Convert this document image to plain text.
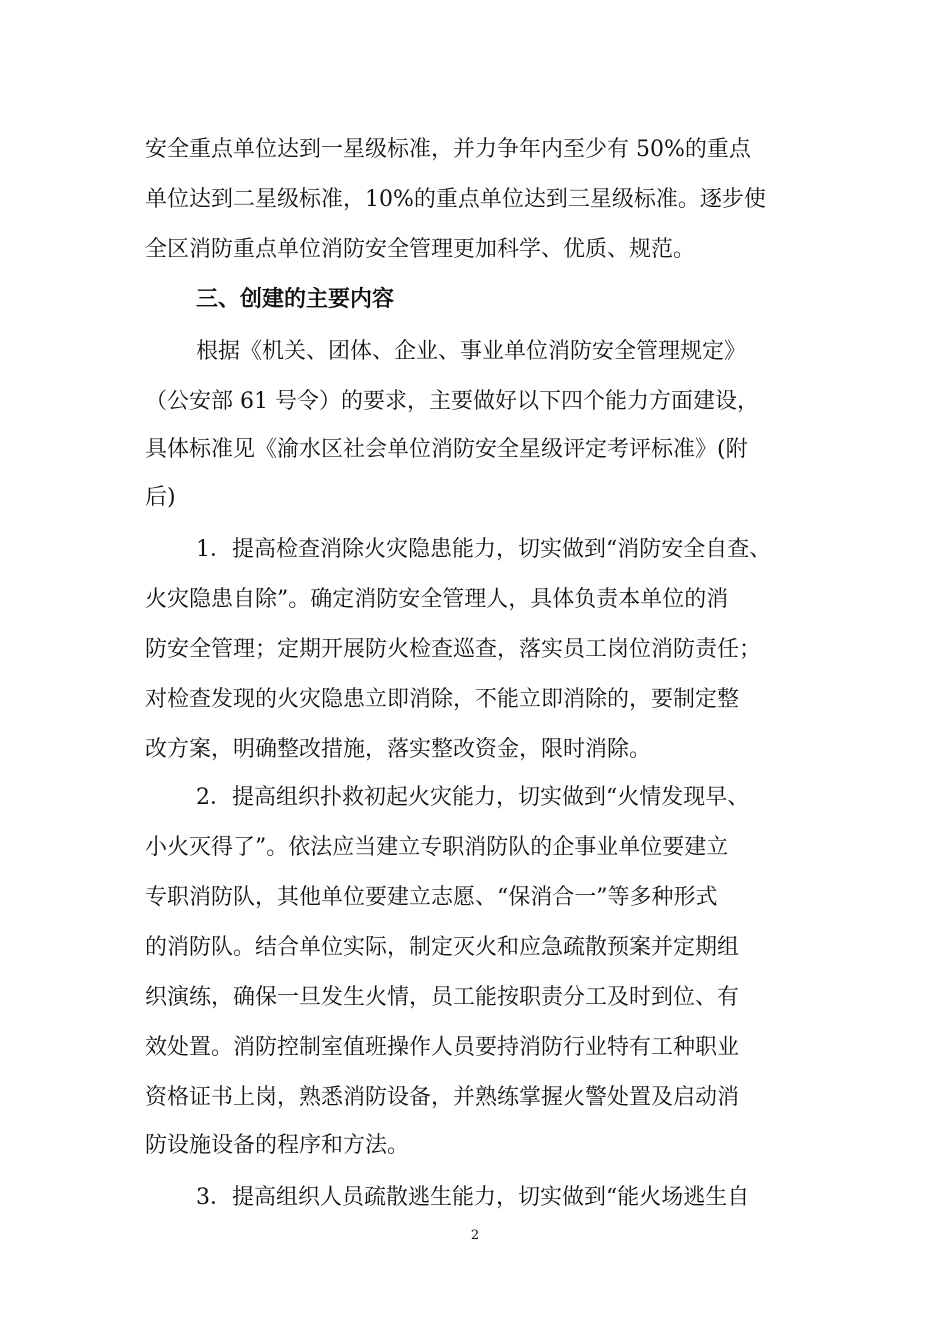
安全重点单位达到一星级标准，并力争年内至少有 50%的重点
单位达到二星级标准，10%的重点单位达到三星级标准。逐步使
全区消防重点单位消防安全管理更加科学、优质、规范。
三、创建的主要内容
根据《机关、团体、企业、事业单位消防安全管理规定》
（公安部 61 号令）的要求，主要做好以下四个能力方面建设，
具体标准见《渝水区社会单位消防安全星级评定考评标准》(附
后)
1．提高检查消除火灾隐患能力，切实做到“消防安全自查、
火灾隐患自除”。确定消防安全管理人，具体负责本单位的消
防安全管理；定期开展防火检查巡查，落实员工岗位消防责任；
对检查发现的火灾隐患立即消除，不能立即消除的，要制定整
改方案，明确整改措施，落实整改资金，限时消除。
2．提高组织扑救初起火灾能力，切实做到“火情发现早、
小火灭得了”。依法应当建立专职消防队的企事业单位要建立
专职消防队，其他单位要建立志愿、“保消合一”等多种形式
的消防队。结合单位实际，制定灭火和应急疏散预案并定期组
织演练，确保一旦发生火情，员工能按职责分工及时到位、有
效处置。消防控制室值班操作人员要持消防行业特有工种职业
资格证书上岗，熟悉消防设备，并熟练掌握火警处置及启动消
防设施设备的程序和方法。
3．提高组织人员疏散逃生能力，切实做到“能火场逃生自
2
